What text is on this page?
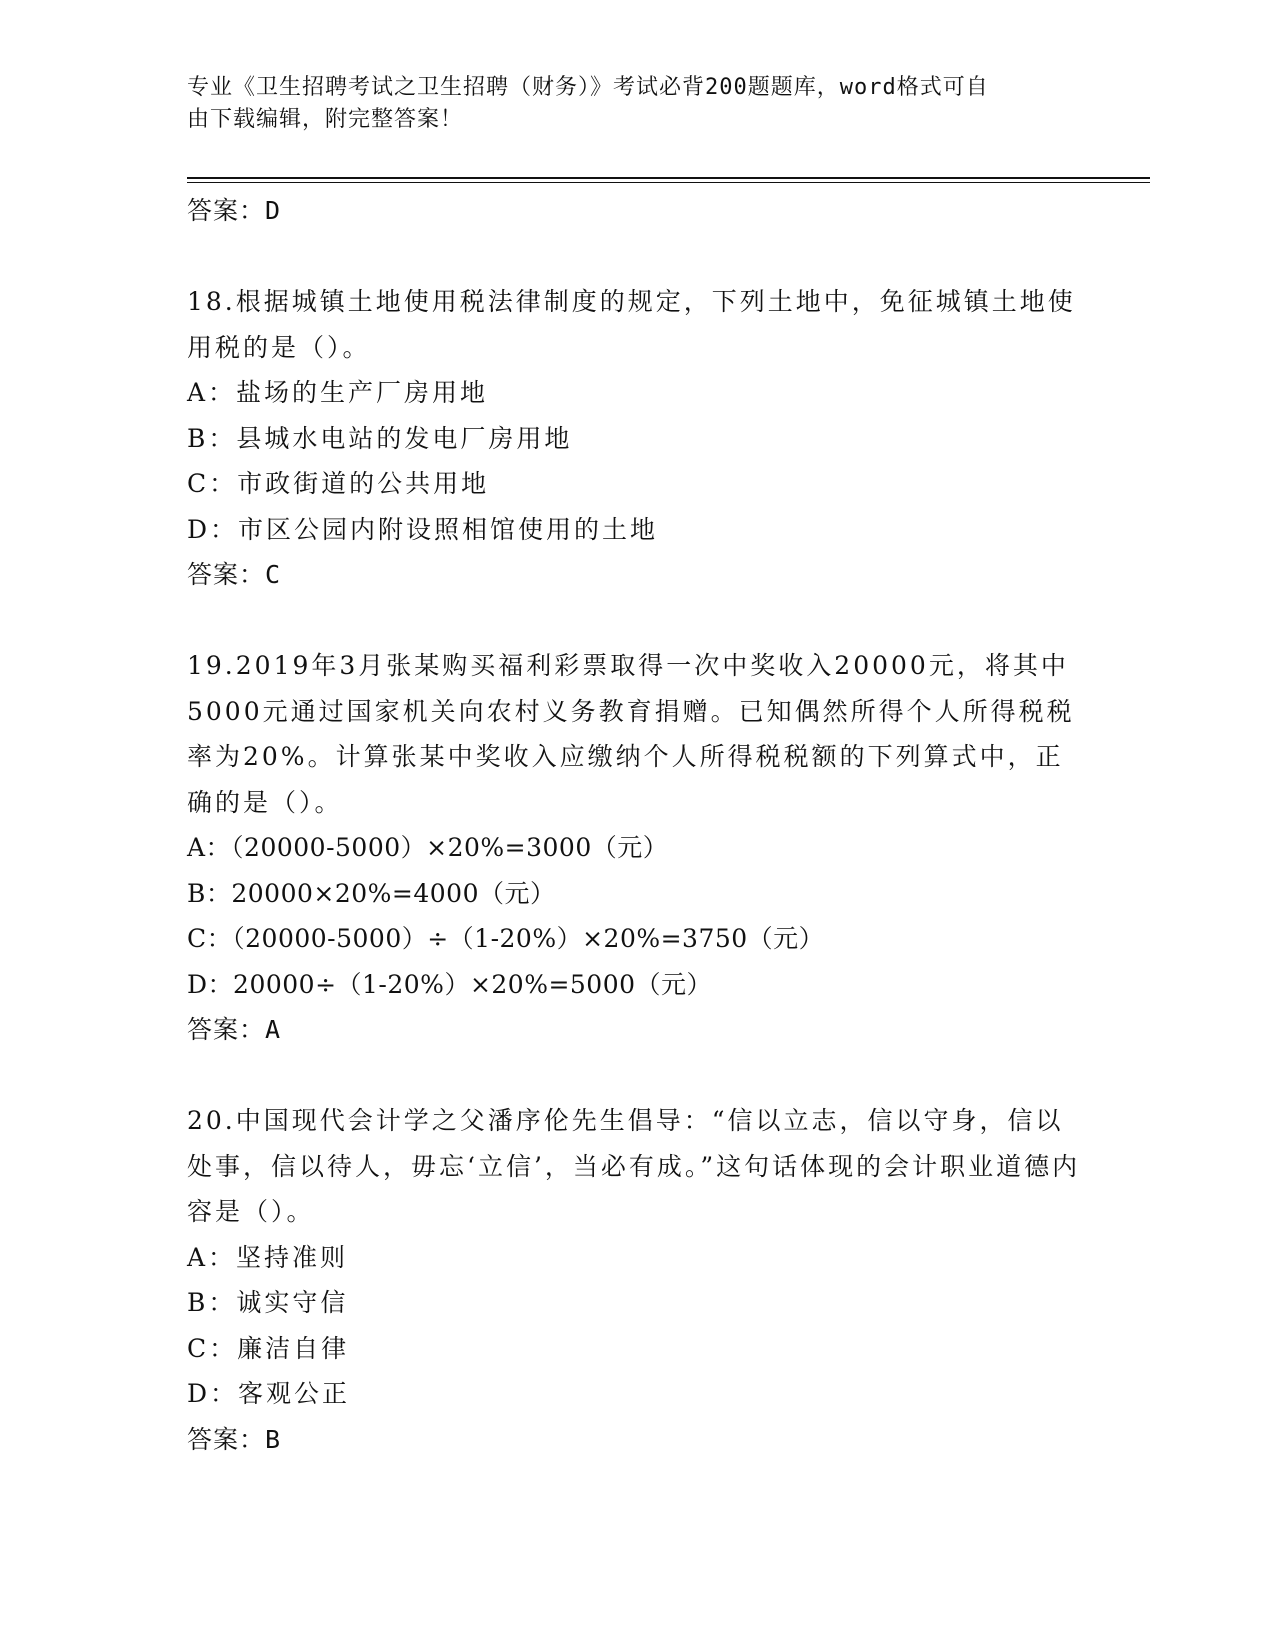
专业《卫生招聘考试之卫生招聘（财务）》考试必背200题题库，word格式可自
由下载编辑，附完整答案！
答案：D
18.根据城镇土地使用税法律制度的规定，下列土地中，免征城镇土地使用税的是（）。
A：盐场的生产厂房用地
B：县城水电站的发电厂房用地
C：市政街道的公共用地
D：市区公园内附设照相馆使用的土地
答案：C
19.2019年3月张某购买福利彩票取得一次中奖收入20000元，将其中5000元通过国家机关向农村义务教育捐赠。已知偶然所得个人所得税税率为20%。计算张某中奖收入应缴纳个人所得税税额的下列算式中，正确的是（）。
A：（20000-5000）×20%=3000（元）
B：20000×20%=4000（元）
C：（20000-5000）÷（1-20%）×20%=3750（元）
D：20000÷（1-20%）×20%=5000（元）
答案：A
20.中国现代会计学之父潘序伦先生倡导：“信以立志，信以守身，信以处事，信以待人，毋忘‘立信’，当必有成。”这句话体现的会计职业道德内容是（）。
A：坚持准则
B：诚实守信
C：廉洁自律
D：客观公正
答案：B
